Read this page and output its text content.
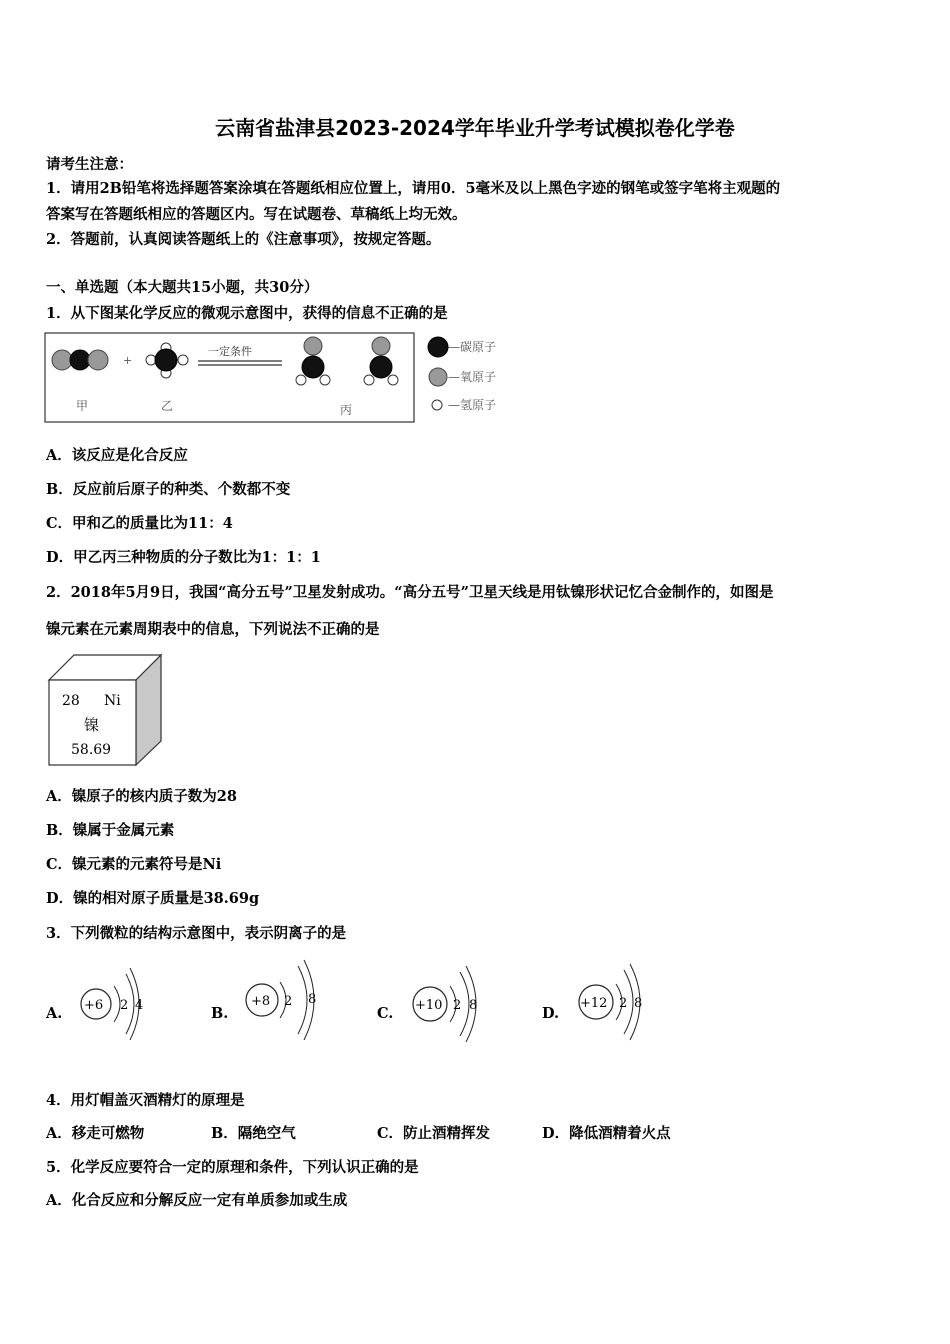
云南省盐津县2023-2024学年毕业升学考试模拟卷化学卷
请考生注意：
1．请用2B铅笔将选择题答案涂填在答题纸相应位置上，请用0．5毫米及以上黑色字迹的钢笔或签字笔将主观题的
答案写在答题纸相应的答题区内。写在试题卷、草稿纸上均无效。
2．答题前，认真阅读答题纸上的《注意事项》，按规定答题。
一、单选题（本大题共15小题，共30分）
1．从下图某化学反应的微观示意图中，获得的信息不正确的是
+
一定条件
甲	乙	丙
—碳原子
—氧原子
—氢原子
A．该反应是化合反应
B．反应前后原子的种类、个数都不变
C．甲和乙的质量比为11：4
D．甲乙丙三种物质的分子数比为1：1：1
2．2018年5月9日，我国“高分五号”卫星发射成功。“高分五号”卫星天线是用钛镍形状记忆合金制作的，如图是
镍元素在元素周期表中的信息，下列说法不正确的是
28 Ni
镍
58.69
A．镍原子的核内质子数为28
B．镍属于金属元素
C．镍元素的元素符号是Ni
D．镍的相对原子质量是38.69g
3．下列微粒的结构示意图中，表示阴离子的是
A. +6 2 4	B.
+8 2 8
C. +10 2 8	D.
+12 2 8
4．用灯帽盖灭酒精灯的原理是
A．移走可燃物	B．隔绝空气	C．防止酒精挥发	D．降低酒精着火点
5．化学反应要符合一定的原理和条件，下列认识正确的是
A．化合反应和分解反应一定有单质参加或生成
